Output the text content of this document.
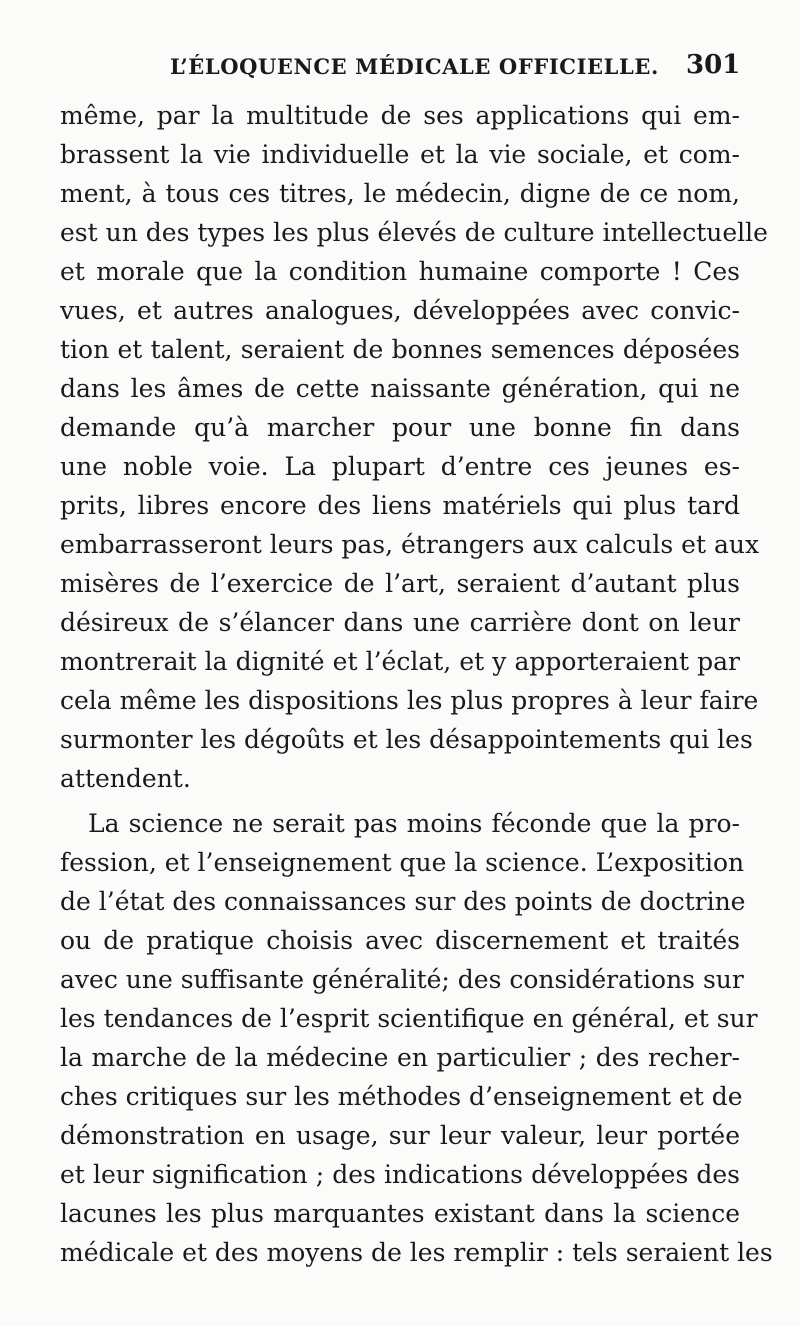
L’ÉLOQUENCE MÉDICALE OFFICIELLE. 301
même, par la multitude de ses applications qui em-
brassent la vie individuelle et la vie sociale, et com-
ment, à tous ces titres, le médecin, digne de ce nom,
est un des types les plus élevés de culture intellectuelle
et morale que la condition humaine comporte ! Ces
vues, et autres analogues, développées avec convic-
tion et talent, seraient de bonnes semences déposées
dans les âmes de cette naissante génération, qui ne
demande qu’à marcher pour une bonne fin dans
une noble voie. La plupart d’entre ces jeunes es-
prits, libres encore des liens matériels qui plus tard
embarrasseront leurs pas, étrangers aux calculs et aux
misères de l’exercice de l’art, seraient d’autant plus
désireux de s’élancer dans une carrière dont on leur
montrerait la dignité et l’éclat, et y apporteraient par
cela même les dispositions les plus propres à leur faire
surmonter les dégoûts et les désappointements qui les
attendent.
La science ne serait pas moins féconde que la pro-
fession, et l’enseignement que la science. L’exposition
de l’état des connaissances sur des points de doctrine
ou de pratique choisis avec discernement et traités
avec une suffisante généralité; des considérations sur
les tendances de l’esprit scientifique en général, et sur
la marche de la médecine en particulier ; des recher-
ches critiques sur les méthodes d’enseignement et de
démonstration en usage, sur leur valeur, leur portée
et leur signification ; des indications développées des
lacunes les plus marquantes existant dans la science
médicale et des moyens de les remplir : tels seraient les
